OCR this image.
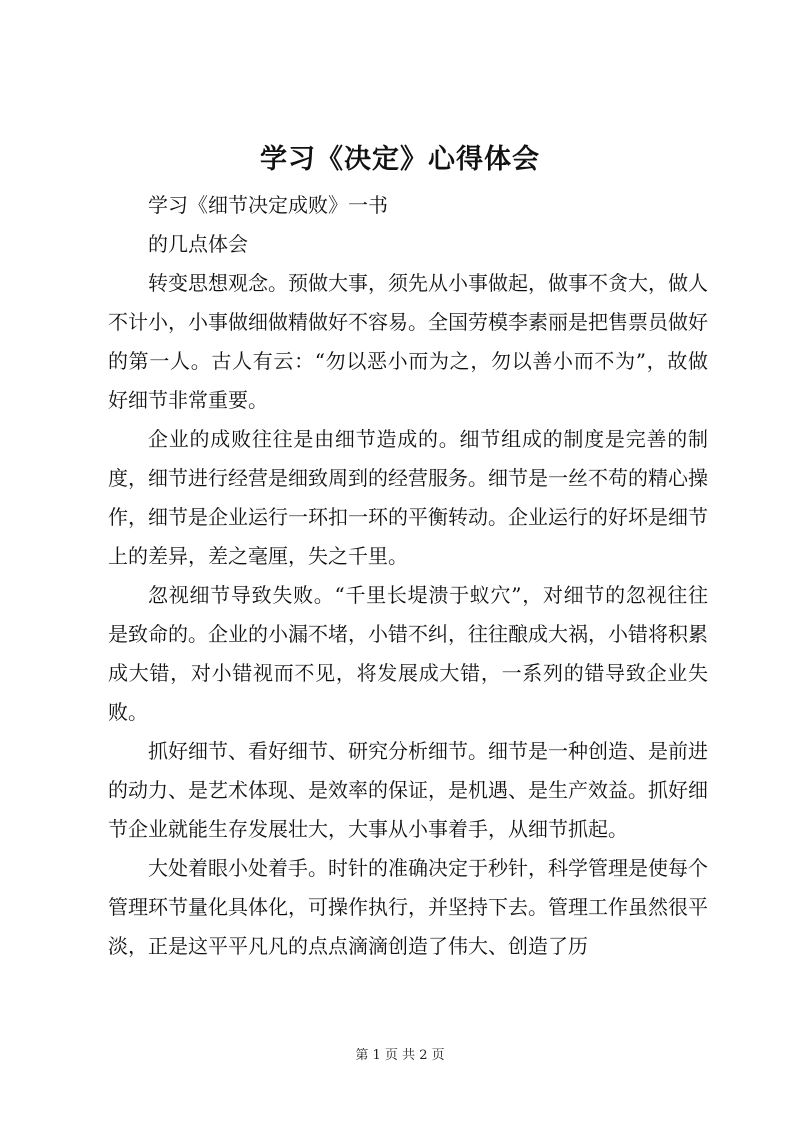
学习《决定》心得体会

学习《细节决定成败》一书

的几点体会

转变思想观念。预做大事，须先从小事做起，做事不贪大，做人不计小，小事做细做精做好不容易。全国劳模李素丽是把售票员做好的第一人。古人有云：“勿以恶小而为之，勿以善小而不为”，故做好细节非常重要。

企业的成败往往是由细节造成的。细节组成的制度是完善的制度，细节进行经营是细致周到的经营服务。细节是一丝不苟的精心操作，细节是企业运行一环扣一环的平衡转动。企业运行的好坏是细节上的差异，差之毫厘，失之千里。

忽视细节导致失败。“千里长堤溃于蚁穴”，对细节的忽视往往是致命的。企业的小漏不堵，小错不纠，往往酿成大祸，小错将积累成大错，对小错视而不见，将发展成大错，一系列的错导致企业失败。

抓好细节、看好细节、研究分析细节。细节是一种创造、是前进的动力、是艺术体现、是效率的保证，是机遇、是生产效益。抓好细节企业就能生存发展壮大，大事从小事着手，从细节抓起。

大处着眼小处着手。时针的准确决定于秒针，科学管理是使每个管理环节量化具体化，可操作执行，并坚持下去。管理工作虽然很平淡，正是这平平凡凡的点点滴滴创造了伟大、创造了历

第 1 页 共 2 页
